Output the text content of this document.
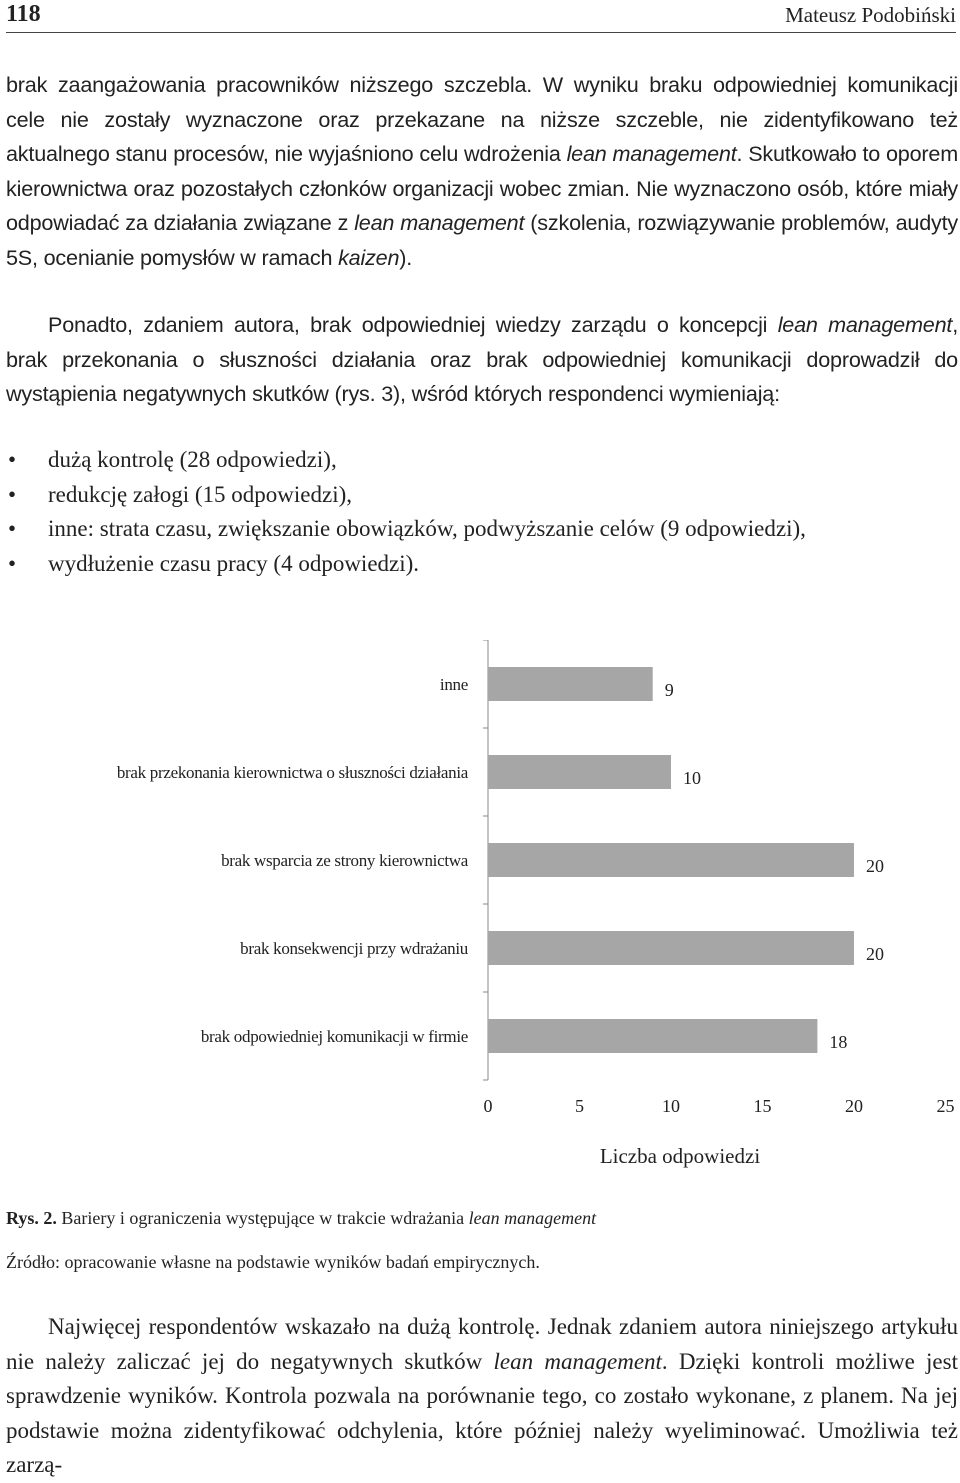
118	Mateusz Podobiński

brak zaangażowania pracowników niższego szczebla. W wyniku braku odpowiedniej komunikacji cele nie zostały wyznaczone oraz przekazane na niższe szczeble, nie zidentyfikowano też aktualnego stanu procesów, nie wyjaśniono celu wdrożenia lean management. Skutkowało to oporem kierownictwa oraz pozostałych członków organizacji wobec zmian. Nie wyznaczono osób, które miały odpowiadać za działania związane z lean management (szkolenia, rozwiązywanie problemów, audyty 5S, ocenianie pomysłów w ramach kaizen).

Ponadto, zdaniem autora, brak odpowiedniej wiedzy zarządu o koncepcji lean management, brak przekonania o słuszności działania oraz brak odpowiedniej komunikacji doprowadził do wystąpienia negatywnych skutków (rys. 3), wśród których respondenci wymieniają:

• dużą kontrolę (28 odpowiedzi),
• redukcję załogi (15 odpowiedzi),
• inne: strata czasu, zwiększanie obowiązków, podwyższanie celów (9 odpowiedzi),
• wydłużenie czasu pracy (4 odpowiedzi).
inne	9
brak przekonania kierownictwa o słuszności działania	10
brak wsparcia ze strony kierownictwa	20
brak konsekwencji przy wdrażaniu	20
brak odpowiedniej komunikacji w firmie	18
0	5	10	15	20	25
Liczba odpowiedzi
Rys. 2. Bariery i ograniczenia występujące w trakcie wdrażania lean management
Źródło: opracowanie własne na podstawie wyników badań empirycznych.

Najwięcej respondentów wskazało na dużą kontrolę. Jednak zdaniem autora niniejszego artykułu nie należy zaliczać jej do negatywnych skutków lean management. Dzięki kontroli możliwe jest sprawdzenie wyników. Kontrola pozwala na porównanie tego, co zostało wykonane, z planem. Na jej podstawie można zidentyfikować odchylenia, które później należy wyeliminować. Umożliwia też zarzą-
